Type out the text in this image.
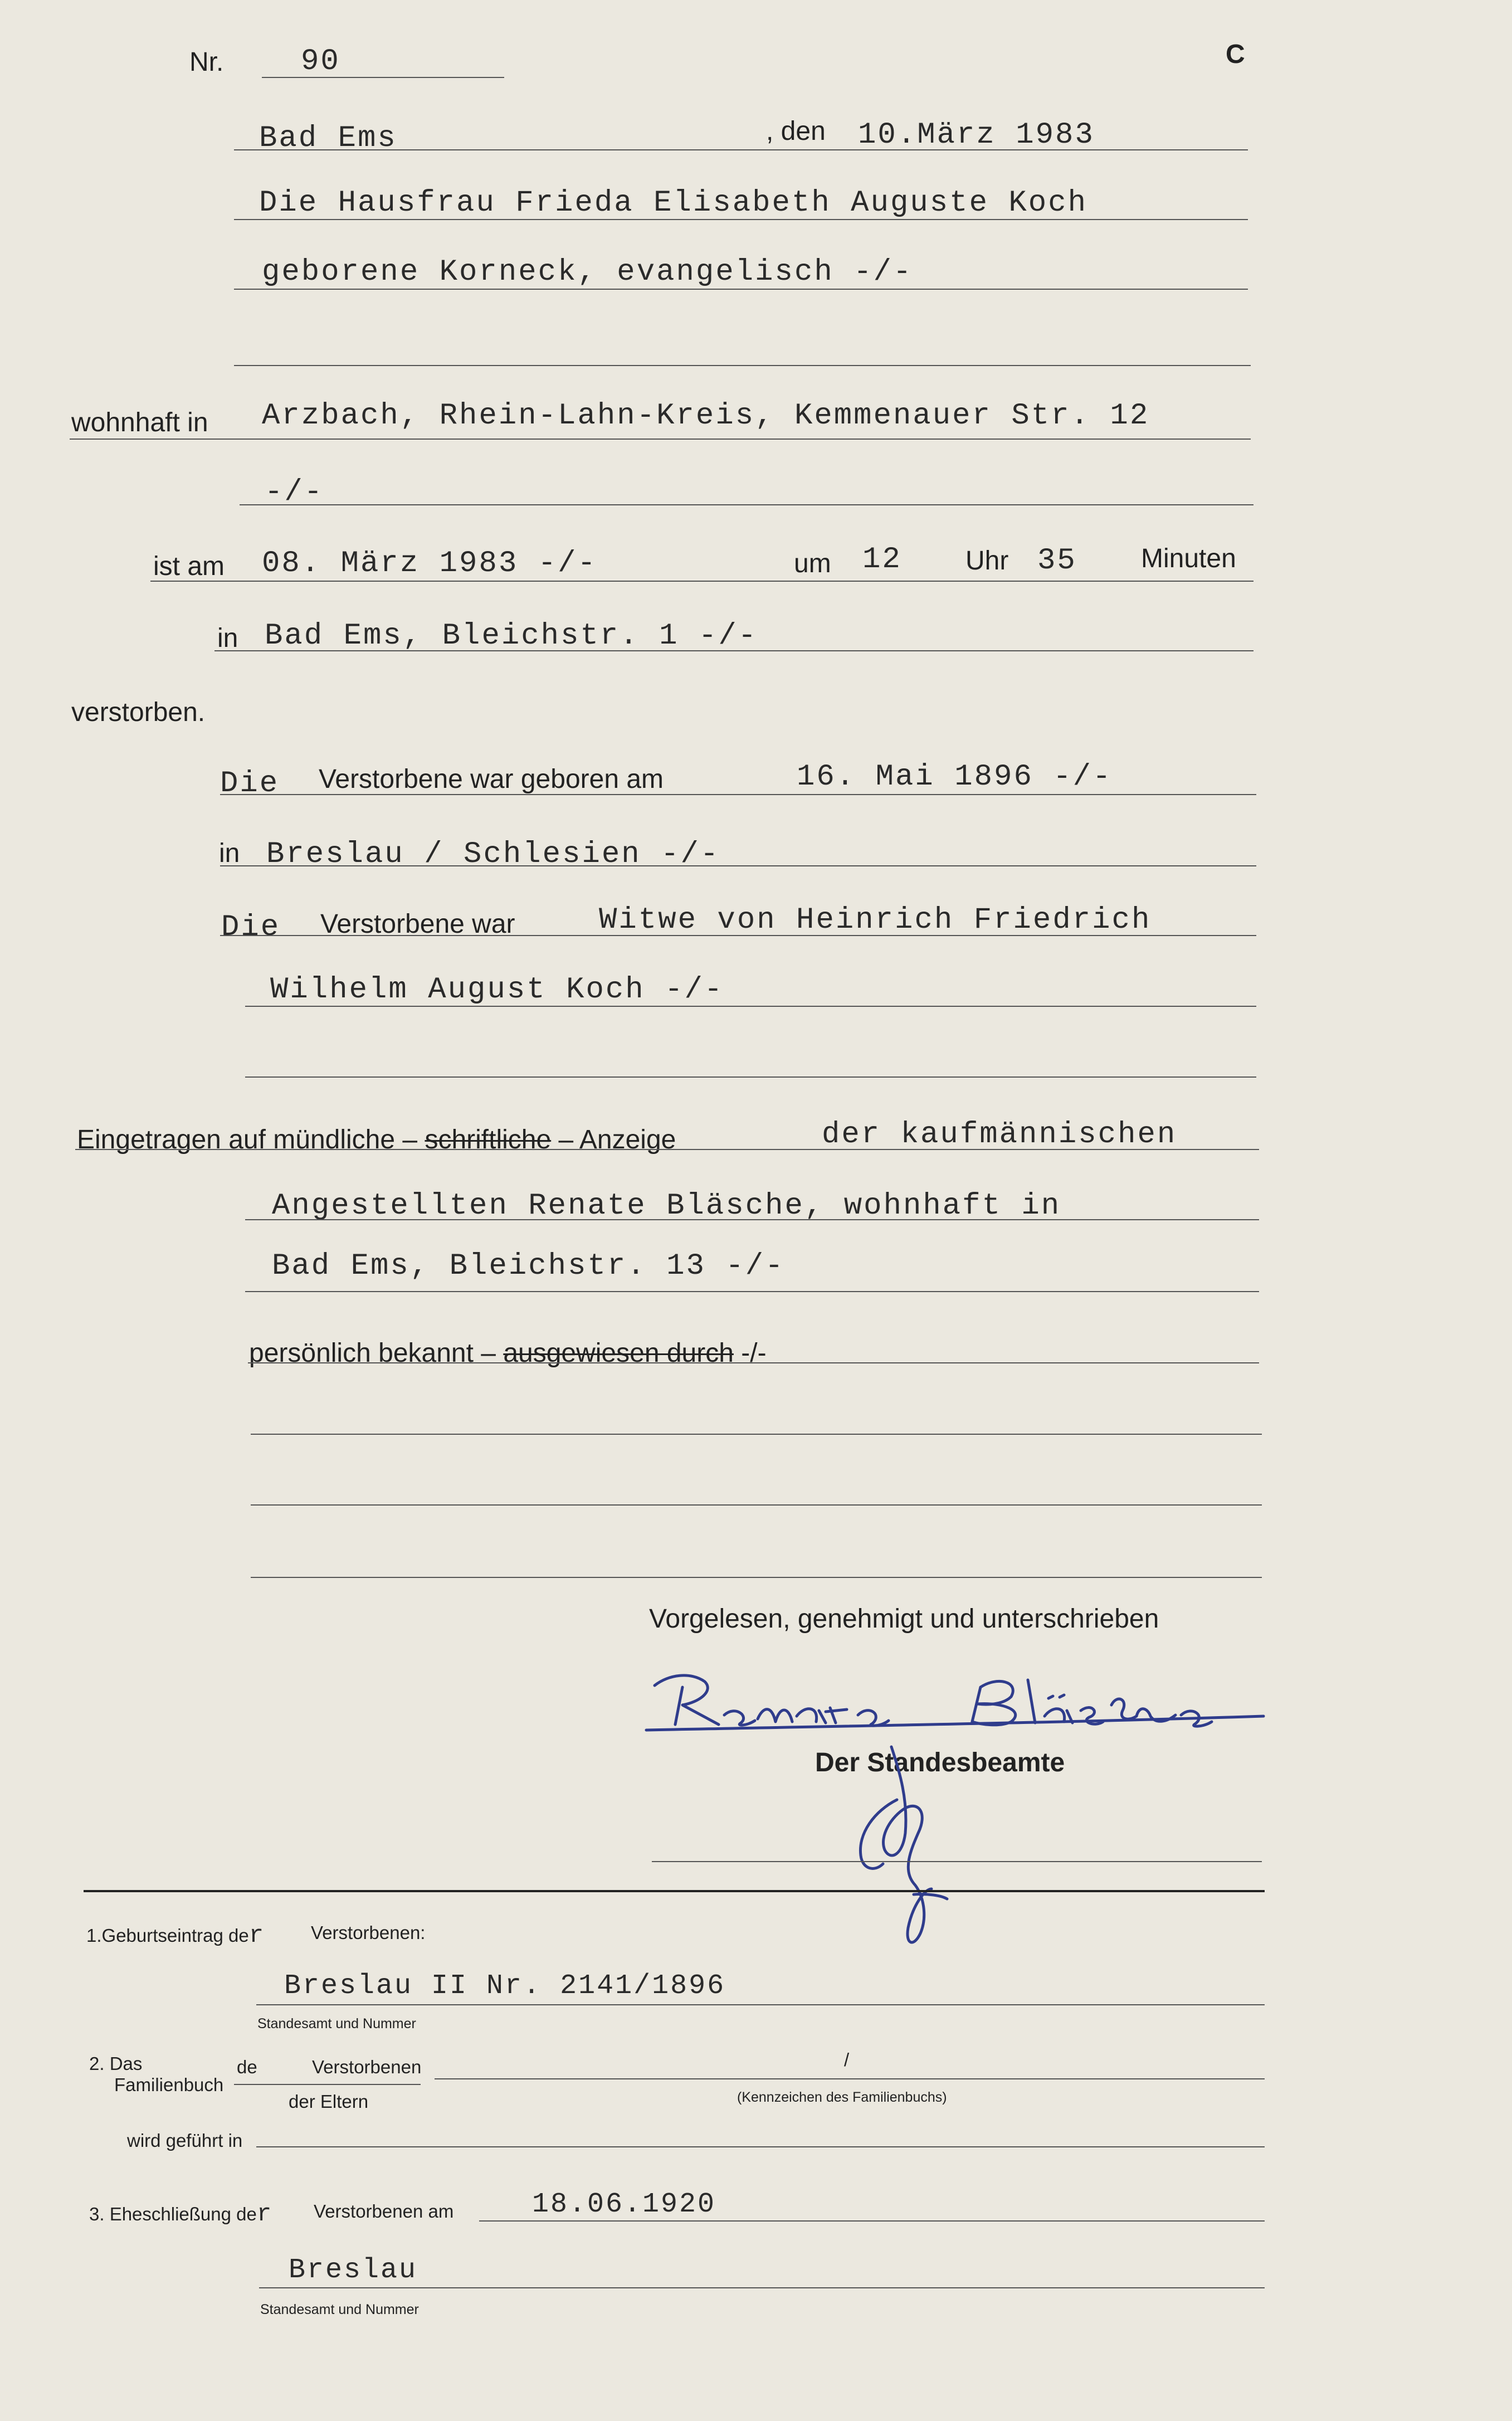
Nr.	90	C
Bad Ems	, den 10.März 1983
Die Hausfrau Frieda Elisabeth Auguste Koch
geborene Korneck, evangelisch -/-
wohnhaft in Arzbach, Rhein-Lahn-Kreis, Kemmenauer Str. 12
-/-
ist am 08. März 1983 -/-	um 12 Uhr 35 Minuten
in Bad Ems, Bleichstr. 1 -/-
verstorben.
Die Verstorbene war geboren am	16. Mai 1896 -/-
in Breslau / Schlesien -/-
Die Verstorbene war	Witwe von Heinrich Friedrich
Wilhelm August Koch -/-
Eingetragen auf mündliche – schriftliche – Anzeige	der kaufmännischen
Angestellten Renate Bläsche, wohnhaft in
Bad Ems, Bleichstr. 13 -/-
persönlich bekannt – ausgewiesen durch -/-
Vorgelesen, genehmigt und unterschrieben
Der Standesbeamte
1.Geburtseintrag der Verstorbenen:
Breslau II Nr. 2141/1896
Standesamt und Nummer
2. Das
Familienbuch
de	Verstorbenen
der Eltern
/
(Kennzeichen des Familienbuchs)
wird geführt in
3. Eheschließung der Verstorbenen am	18.06.1920
Breslau
Standesamt und Nummer
